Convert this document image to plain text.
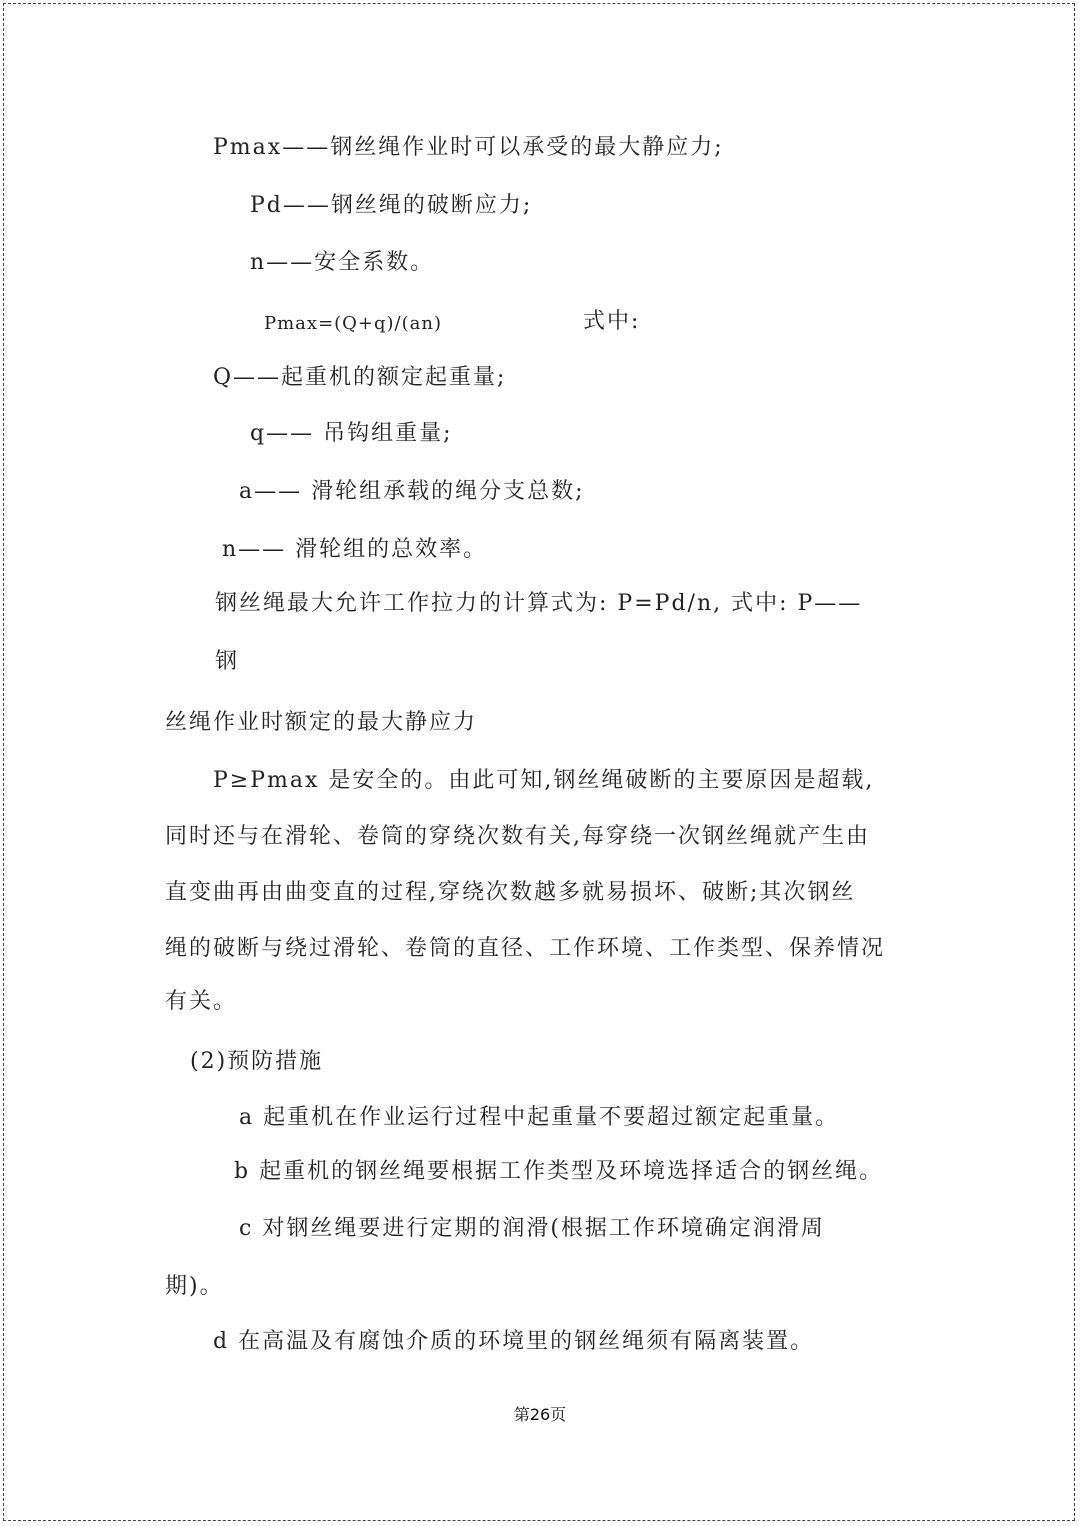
Pmax——钢丝绳作业时可以承受的最大静应力;
Pd——钢丝绳的破断应力;
n——安全系数。
Pmax=(Q+q)/(an)	式中:
Q——起重机的额定起重量;
q—— 吊钩组重量;
a—— 滑轮组承载的绳分支总数;
n—— 滑轮组的总效率。
钢丝绳最大允许工作拉力的计算式为: P=Pd/n, 式中: P——
钢
丝绳作业时额定的最大静应力
P≥Pmax 是安全的。由此可知,钢丝绳破断的主要原因是超载,
同时还与在滑轮、卷筒的穿绕次数有关,每穿绕一次钢丝绳就产生由
直变曲再由曲变直的过程,穿绕次数越多就易损坏、破断;其次钢丝
绳的破断与绕过滑轮、卷筒的直径、工作环境、工作类型、保养情况
有关。
(2)预防措施
a 起重机在作业运行过程中起重量不要超过额定起重量。
b 起重机的钢丝绳要根据工作类型及环境选择适合的钢丝绳。
c 对钢丝绳要进行定期的润滑(根据工作环境确定润滑周
期)。
d 在高温及有腐蚀介质的环境里的钢丝绳须有隔离装置。
第26页
